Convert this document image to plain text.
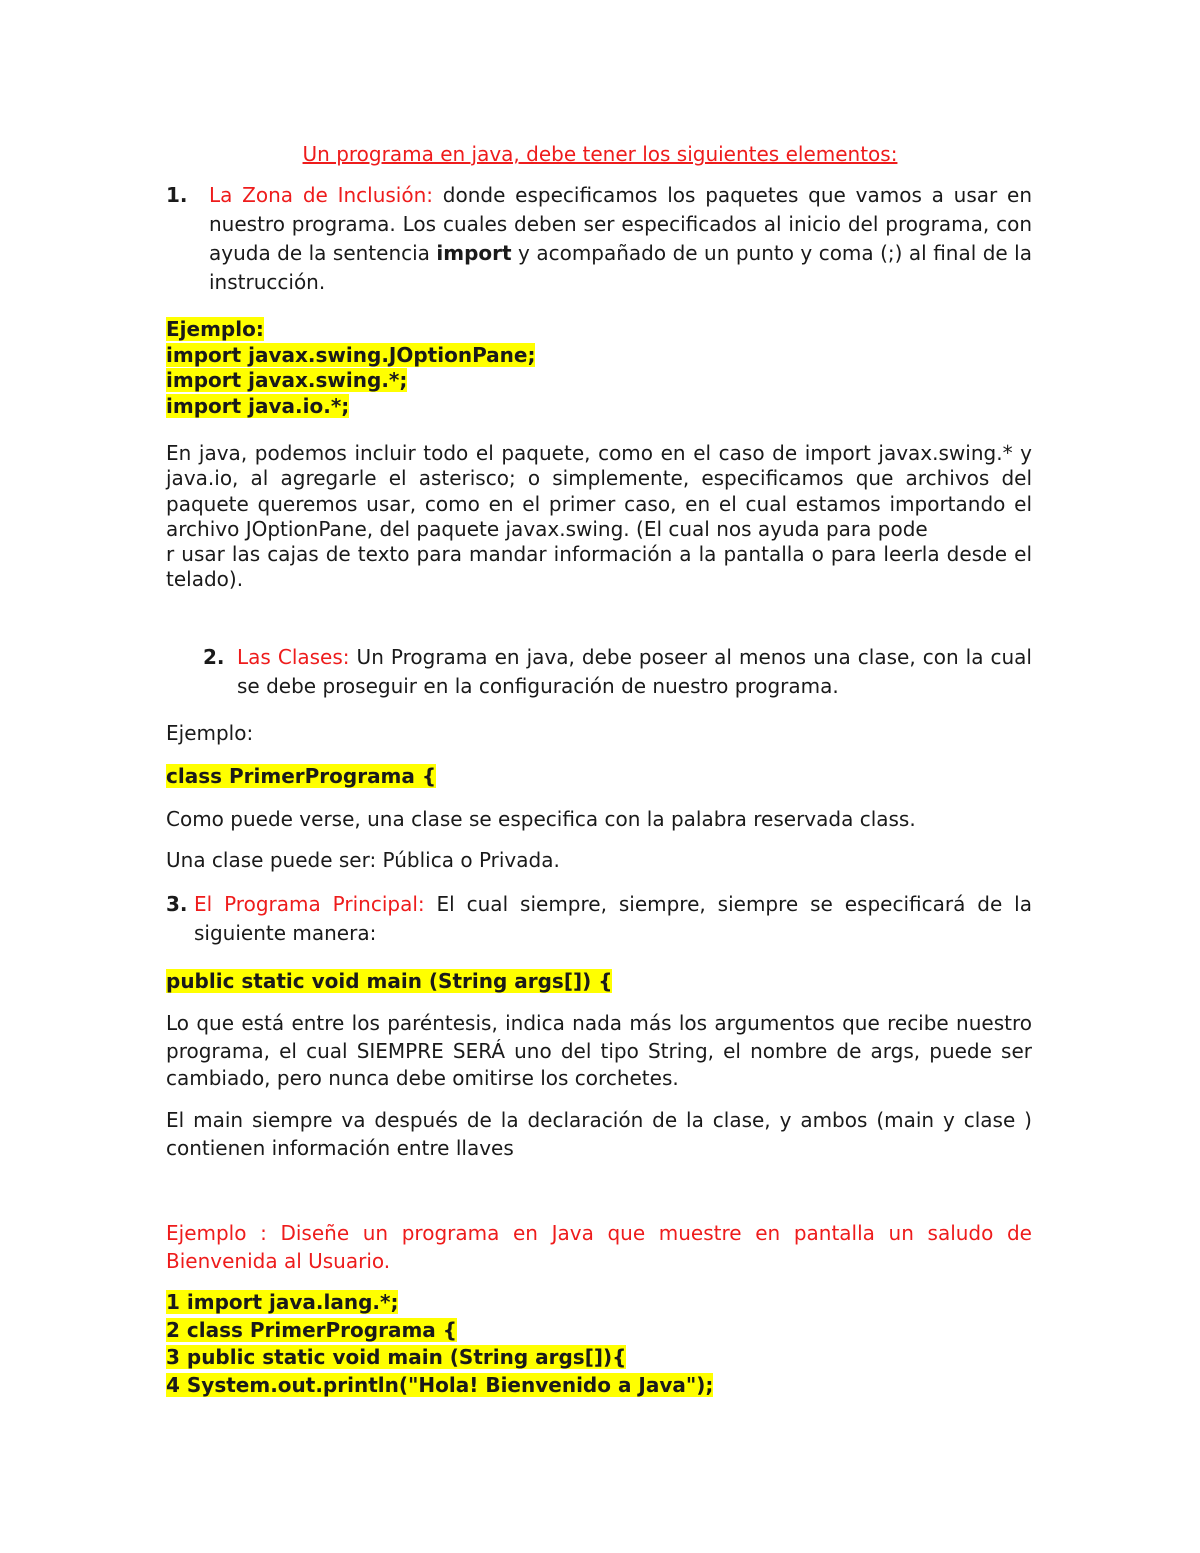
Un programa en java, debe tener los siguientes elementos:
1. La Zona de Inclusión: donde especificamos los paquetes que vamos a usar en nuestro programa. Los cuales deben ser especificados al inicio del programa, con ayuda de la sentencia import y acompañado de un punto y coma (;) al final de la instrucción.
Ejemplo:
import javax.swing.JOptionPane;
import javax.swing.*;
import java.io.*;
En java, podemos incluir todo el paquete, como en el caso de import javax.swing.* y java.io, al agregarle el asterisco; o simplemente, especificamos que archivos del paquete queremos usar, como en el primer caso, en el cual estamos importando el archivo JOptionPane, del paquete javax.swing. (El cual nos ayuda para pode
r usar las cajas de texto para mandar información a la pantalla o para leerla desde el telado).
2. Las Clases: Un Programa en java, debe poseer al menos una clase, con la cual se debe proseguir en la configuración de nuestro programa.
Ejemplo:
class PrimerPrograma {
Como puede verse, una clase se especifica con la palabra reservada class.
Una clase puede ser: Pública o Privada.
3. El Programa Principal: El cual siempre, siempre, siempre se especificará de la siguiente manera:
public static void main (String args[]) {
Lo que está entre los paréntesis, indica nada más los argumentos que recibe nuestro programa, el cual SIEMPRE SERÁ uno del tipo String, el nombre de args, puede ser cambiado, pero nunca debe omitirse los corchetes.
El main siempre va después de la declaración de la clase, y ambos (main y clase ) contienen información entre llaves
Ejemplo : Diseñe un programa en Java que muestre en pantalla un saludo de Bienvenida al Usuario.
1 import java.lang.*;
2 class PrimerPrograma {
3 public static void main (String args[]){
4 System.out.println("Hola! Bienvenido a Java");
